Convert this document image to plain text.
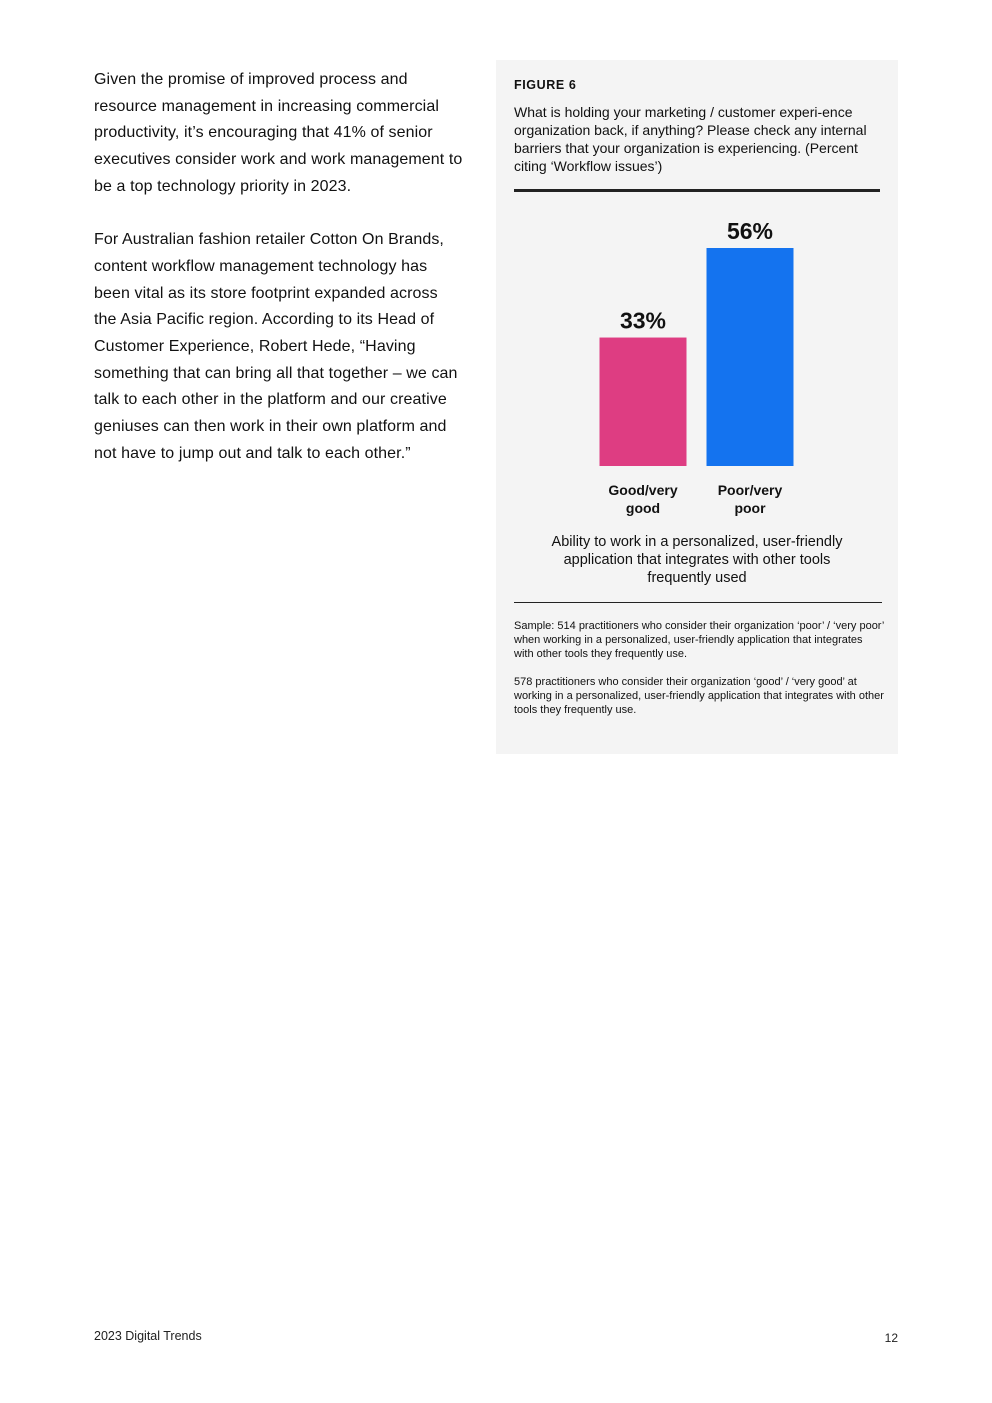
Given the promise of improved process and resource management in increasing commercial productivity, it’s encouraging that 41% of senior executives consider work and work management to be a top technology priority in 2023.

For Australian fashion retailer Cotton On Brands, content workflow management technology has been vital as its store footprint expanded across the Asia Pacific region. According to its Head of Customer Experience, Robert Hede, “Having something that can bring all that together – we can talk to each other in the platform and our creative geniuses can then work in their own platform and not have to jump out and talk to each other.”

FIGURE 6
What is holding your marketing / customer experi-ence organization back, if anything? Please check any internal barriers that your organization is experiencing. (Percent citing ‘Workflow issues’)
33%
Good/very good
56%
Poor/very poor
Ability to work in a personalized, user-friendly application that integrates with other tools frequently used

Sample: 514 practitioners who consider their organization ‘poor’ / ‘very poor’ when working in a personalized, user-friendly application that integrates with other tools they frequently use.

578 practitioners who consider their organization ‘good’ / ‘very good’ at working in a personalized, user-friendly application that integrates with other tools they frequently use.

2023 Digital Trends	12
